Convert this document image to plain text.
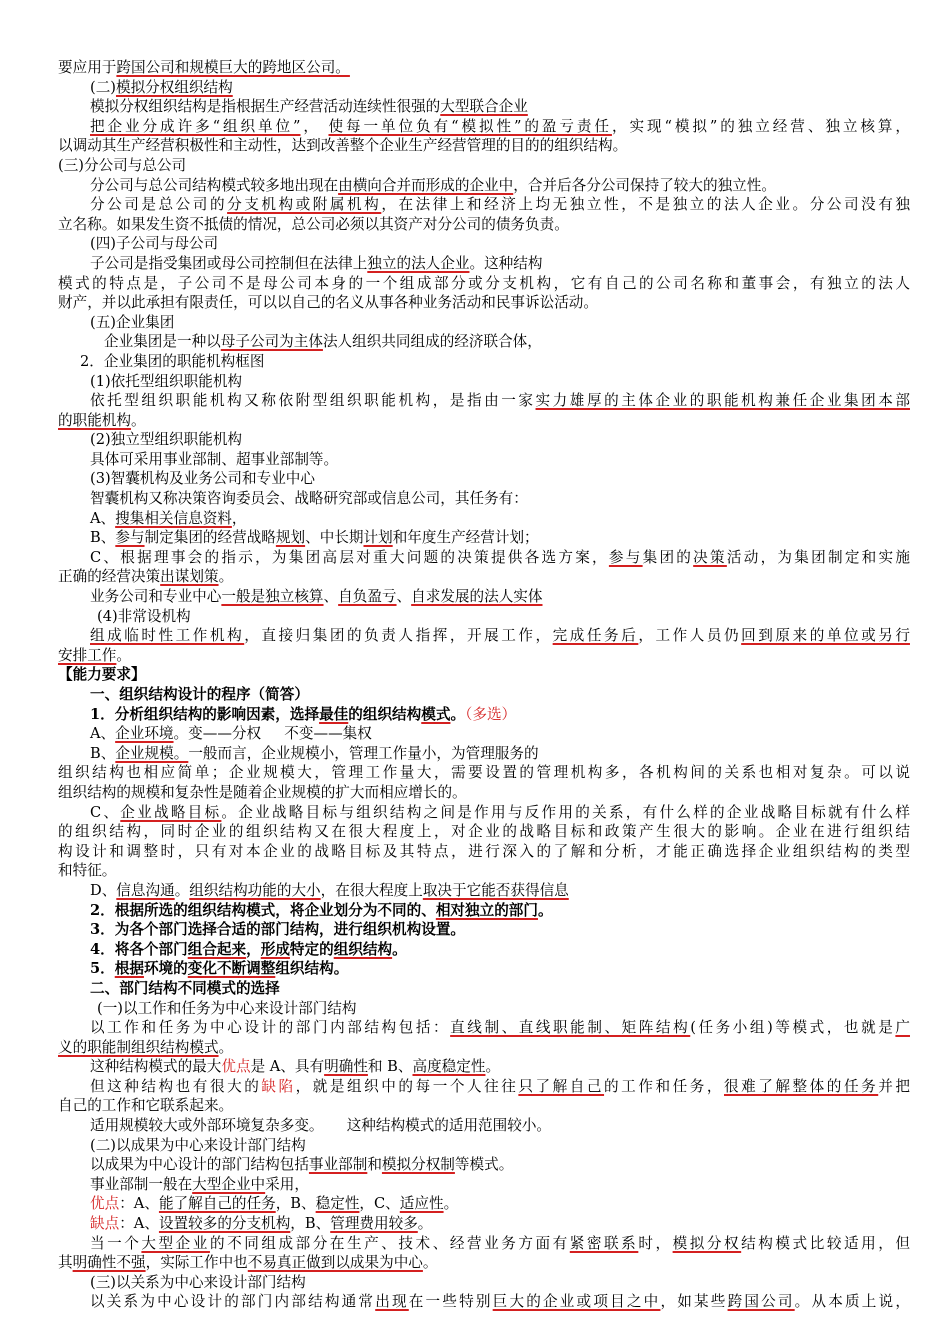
要应用于跨国公司和规模巨大的跨地区公司。
(二)模拟分权组织结构
模拟分权组织结构是指根据生产经营活动连续性很强的大型联合企业
把企业分成许多“组织单位”， 使每一单位负有“模拟性”的盈亏责任，实现“模拟”的独立经营、独立核算，
以调动其生产经营积极性和主动性，达到改善整个企业生产经营管理的目的的组织结构。
(三)分公司与总公司
分公司与总公司结构模式较多地出现在由横向合并而形成的企业中，合并后各分公司保持了较大的独立性。
分公司是总公司的分支机构或附属机构，在法律上和经济上均无独立性，不是独立的法人企业。分公司没有独
立名称。如果发生资不抵债的情况，总公司必须以其资产对分公司的债务负责。
(四)子公司与母公司
子公司是指受集团或母公司控制但在法律上独立的法人企业。这种结构
模式的特点是，子公司不是母公司本身的一个组成部分或分支机构，它有自己的公司名称和董事会，有独立的法人
财产，并以此承担有限责任，可以以自己的名义从事各种业务活动和民事诉讼活动。
(五)企业集团
企业集团是一种以母子公司为主体法人组织共同组成的经济联合体，
2．企业集团的职能机构框图
(1)依托型组织职能机构
依托型组织职能机构又称依附型组织职能机构，是指由一家实力雄厚的主体企业的职能机构兼任企业集团本部
的职能机构。
(2)独立型组织职能机构
具体可采用事业部制、超事业部制等。
(3)智囊机构及业务公司和专业中心
智囊机构又称决策咨询委员会、战略研究部或信息公司，其任务有：
A、搜集相关信息资料，
B、参与制定集团的经营战略规划、中长期计划和年度生产经营计划；
C、根据理事会的指示，为集团高层对重大问题的决策提供各选方案，参与集团的决策活动，为集团制定和实施
正确的经营决策出谋划策。
业务公司和专业中心一般是独立核算、自负盈亏、自求发展的法人实体
(4)非常设机构
组成临时性工作机构，直接归集团的负责人指挥，开展工作，完成任务后，工作人员仍回到原来的单位或另行
安排工作。
【能力要求】
一、组织结构设计的程序（简答）
1．分析组织结构的影响因素，选择最佳的组织结构模式。（多选）
A、企业环境。变——分权     不变——集权
B、企业规模。一般而言，企业规模小，管理工作量小，为管理服务的
组织结构也相应简单；企业规模大，管理工作量大，需要设置的管理机构多，各机构间的关系也相对复杂。可以说
组织结构的规模和复杂性是随着企业规模的扩大而相应增长的。
C、企业战略目标。企业战略目标与组织结构之间是作用与反作用的关系，有什么样的企业战略目标就有什么样
的组织结构，同时企业的组织结构又在很大程度上，对企业的战略目标和政策产生很大的影响。企业在进行组织结
构设计和调整时，只有对本企业的战略目标及其特点，进行深入的了解和分析，才能正确选择企业组织结构的类型
和特征。
D、信息沟通。组织结构功能的大小，在很大程度上取决于它能否获得信息
2．根据所选的组织结构模式，将企业划分为不同的、相对独立的部门。
3．为各个部门选择合适的部门结构，进行组织机构设置。
4．将各个部门组合起来，形成特定的组织结构。
5．根据环境的变化不断调整组织结构。
二、部门结构不同模式的选择
(一)以工作和任务为中心来设计部门结构
以工作和任务为中心设计的部门内部结构包括：直线制、直线职能制、矩阵结构(任务小组)等模式，也就是广
义的职能制组织结构模式。
这种结构模式的最大优点是 A、具有明确性和 B、高度稳定性。
但这种结构也有很大的缺陷，就是组织中的每一个人往往只了解自己的工作和任务，很难了解整体的任务并把
自己的工作和它联系起来。
适用规模较大或外部环境复杂多变。     这种结构模式的适用范围较小。
(二)以成果为中心来设计部门结构
以成果为中心设计的部门结构包括事业部制和模拟分权制等模式。
事业部制一般在大型企业中采用，
优点：A、能了解自己的任务，B、稳定性，C、适应性。
缺点：A、设置较多的分支机构，B、管理费用较多。
当一个大型企业的不同组成部分在生产、技术、经营业务方面有紧密联系时，模拟分权结构模式比较适用，但
其明确性不强，实际工作中也不易真正做到以成果为中心。
(三)以关系为中心来设计部门结构
以关系为中心设计的部门内部结构通常出现在一些特别巨大的企业或项目之中，如某些跨国公司。从本质上说，
